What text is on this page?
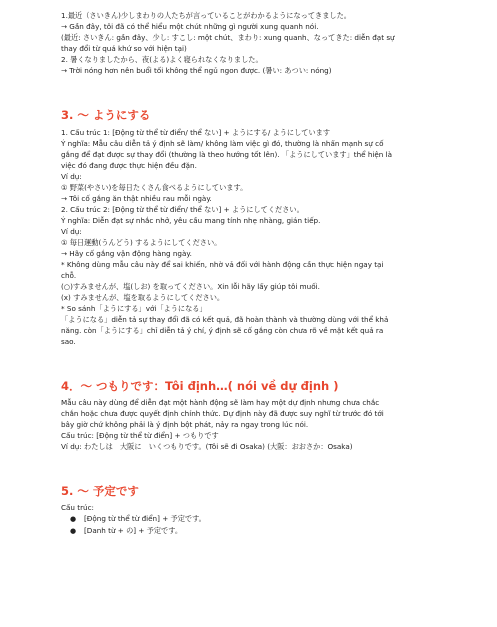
1.最近（さいきん)少しまわりの人たちが言っていることがわかるようになってきました。

→ Gần đây, tôi đã có thể hiểu một chút những gì người xung quanh nói.

(最近: さいきん: gần đây、少し: すこし: một chút、まわり: xung quanh、なってきた: diễn đạt sự

thay đổi từ quá khứ so với hiện tại)

2. 暑くなりましたから、夜(よる)よく寝られなくなりました。

→ Trời nóng hơn nên buổi tối không thể ngủ ngon được. (暑い: あつい: nóng)

3. ～ ようにする

1. Cấu trúc 1: [Động từ thể từ điển/ thể ない] + ようにする/ ようにしています

Ý nghĩa: Mẫu câu diễn tả ý định sẽ làm/ không làm việc gì đó, thường là nhấn mạnh sự cố

gắng để đạt được sự thay đổi (thường là theo hướng tốt lên). 「ようにしています」thể hiện là

việc đó đang được thực hiện đều đặn.

Ví dụ:

① 野菜(やさい)を毎日たくさん食べるようにしています。

→ Tôi cố gắng ăn thật nhiều rau mỗi ngày.

2. Cấu trúc 2: [Động từ thể từ điển/ thể ない] + ようにしてください。

Ý nghĩa: Diễn đạt sự nhắc nhở, yêu cầu mang tính nhẹ nhàng, gián tiếp.

Ví dụ:

① 毎日運動(うんどう) するようにしてください。

→ Hãy cố gắng vận động hàng ngày.

* Không dùng mẫu câu này để sai khiến, nhờ vả đối với hành động cần thực hiện ngay tại

chỗ.

(○)すみませんが、塩(しお) を取ってください。Xin lỗi hãy lấy giúp tôi muối.

(x) すみませんが、塩を取るようにしてください。

* So sánh「ようにする」với「ようになる」

「ようになる」diễn tả sự thay đổi đã có kết quả, đã hoàn thành và thường dùng với thể khả

năng. còn「ようにする」chỉ diễn tả ý chí, ý định sẽ cố gắng còn chưa rõ về mặt kết quả ra

sao.

4．～ つもりです：Tôi định…( nói về dự định )

Mẫu câu này dùng để diễn đạt một hành động sẽ làm hay một dự định nhưng chưa chắc

chắn hoặc chưa được quyết định chính thức. Dự định này đã được suy nghĩ từ trước đó tới

bây giờ chứ không phải là ý định bột phát, nảy ra ngay trong lúc nói.

Cấu trúc: [Động từ thể từ điển] + つもりです

Ví dụ: わたしは　大阪に　いくつもりです。(Tôi sẽ đi Osaka) (大阪：おおさか：Osaka)

5. ～ 予定です

Cấu trúc:

● [Động từ thể từ điển] + 予定です。
● [Danh từ + の] + 予定です。
